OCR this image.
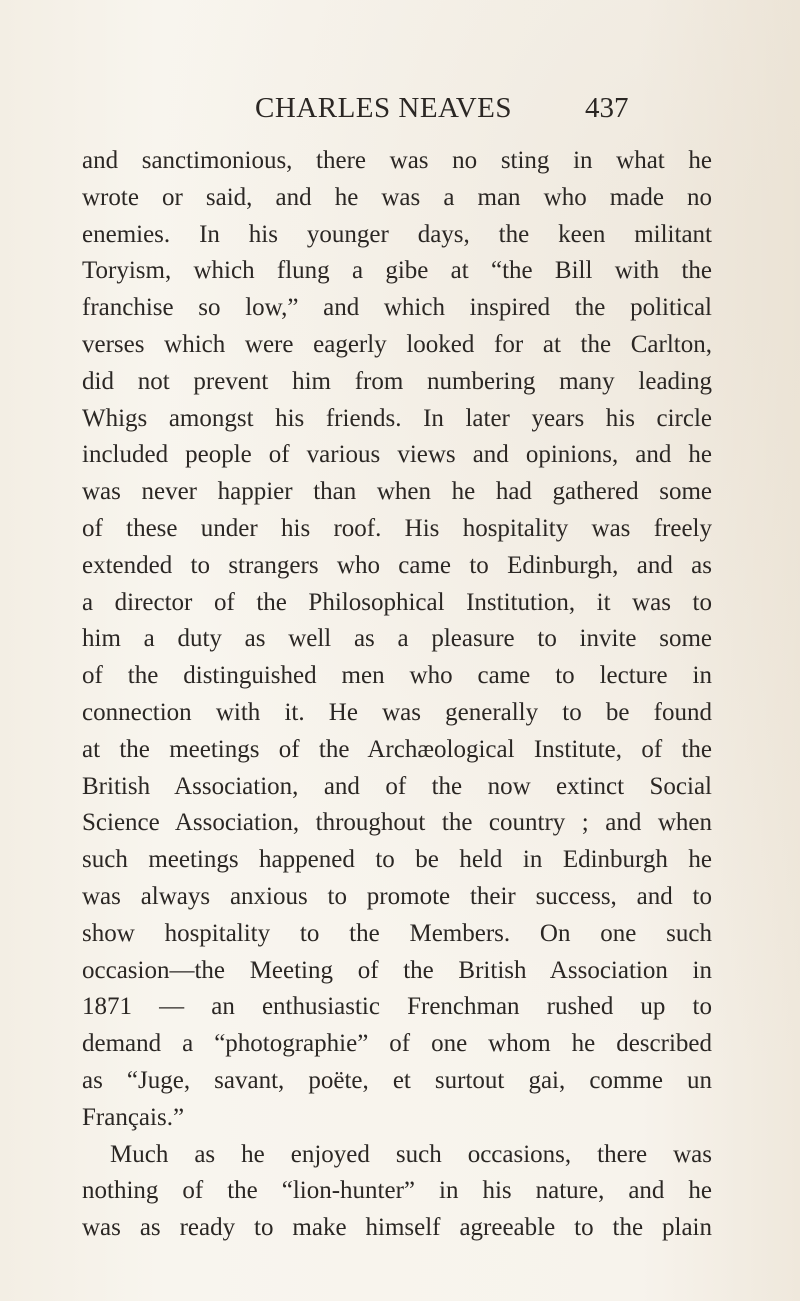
CHARLES NEAVES	437
and sanctimonious, there was no sting in what he
wrote or said, and he was a man who made no
enemies. In his younger days, the keen militant
Toryism, which flung a gibe at “the Bill with the
franchise so low,” and which inspired the political
verses which were eagerly looked for at the Carlton,
did not prevent him from numbering many leading
Whigs amongst his friends. In later years his circle
included people of various views and opinions, and he
was never happier than when he had gathered some
of these under his roof. His hospitality was freely
extended to strangers who came to Edinburgh, and as
a director of the Philosophical Institution, it was to
him a duty as well as a pleasure to invite some
of the distinguished men who came to lecture in
connection with it. He was generally to be found
at the meetings of the Archæological Institute, of the
British Association, and of the now extinct Social
Science Association, throughout the country ; and when
such meetings happened to be held in Edinburgh he
was always anxious to promote their success, and to
show hospitality to the Members. On one such
occasion—the Meeting of the British Association in
1871 — an enthusiastic Frenchman rushed up to
demand a “photographie” of one whom he described
as “Juge, savant, poëte, et surtout gai, comme un
Français.”
Much as he enjoyed such occasions, there was
nothing of the “lion-hunter” in his nature, and he
was as ready to make himself agreeable to the plain
